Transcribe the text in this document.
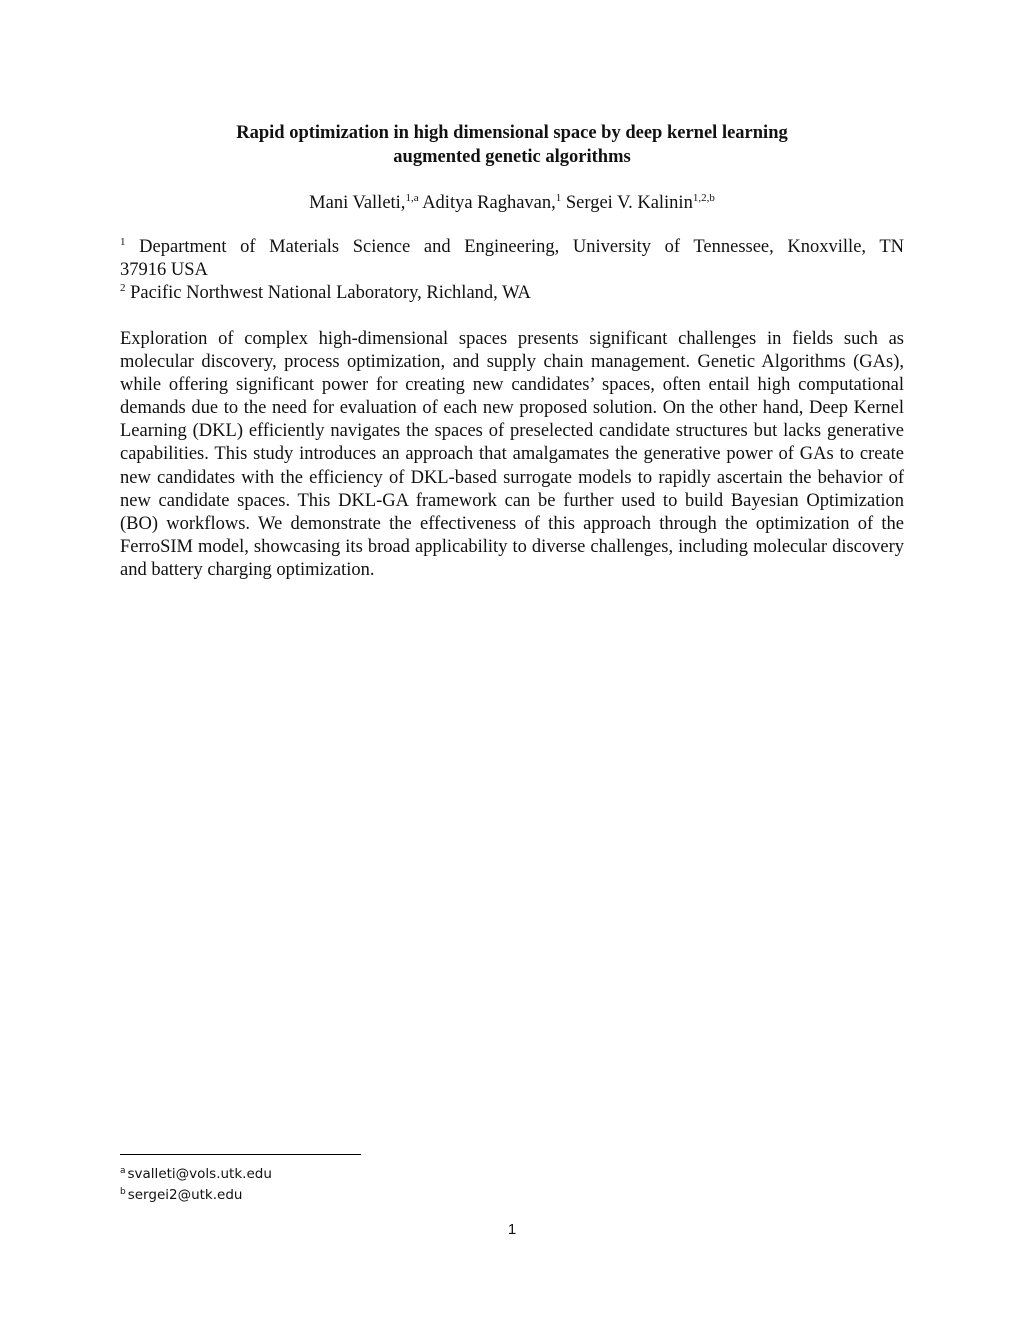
Rapid optimization in high dimensional space by deep kernel learning
augmented genetic algorithms
Mani Valleti,$^{1,a}$ Aditya Raghavan,$^1$ Sergei V. Kalinin$^{1,2,b}$
$^1$ Department of Materials Science and Engineering, University of Tennessee, Knoxville, TN
37916 USA
$^2$ Pacific Northwest National Laboratory, Richland, WA
Exploration of complex high-dimensional spaces presents significant challenges in fields such as molecular discovery, process optimization, and supply chain management. Genetic Algorithms (GAs), while offering significant power for creating new candidates’ spaces, often entail high computational demands due to the need for evaluation of each new proposed solution. On the other hand, Deep Kernel Learning (DKL) efficiently navigates the spaces of preselected candidate structures but lacks generative capabilities. This study introduces an approach that amalgamates the generative power of GAs to create new candidates with the efficiency of DKL-based surrogate models to rapidly ascertain the behavior of new candidate spaces. This DKL-GA framework can be further used to build Bayesian Optimization (BO) workflows. We demonstrate the effectiveness of this approach through the optimization of the FerroSIM model, showcasing its broad applicability to diverse challenges, including molecular discovery and battery charging optimization.
$^a$ svalleti@vols.utk.edu
$^b$ sergei2@utk.edu
1
